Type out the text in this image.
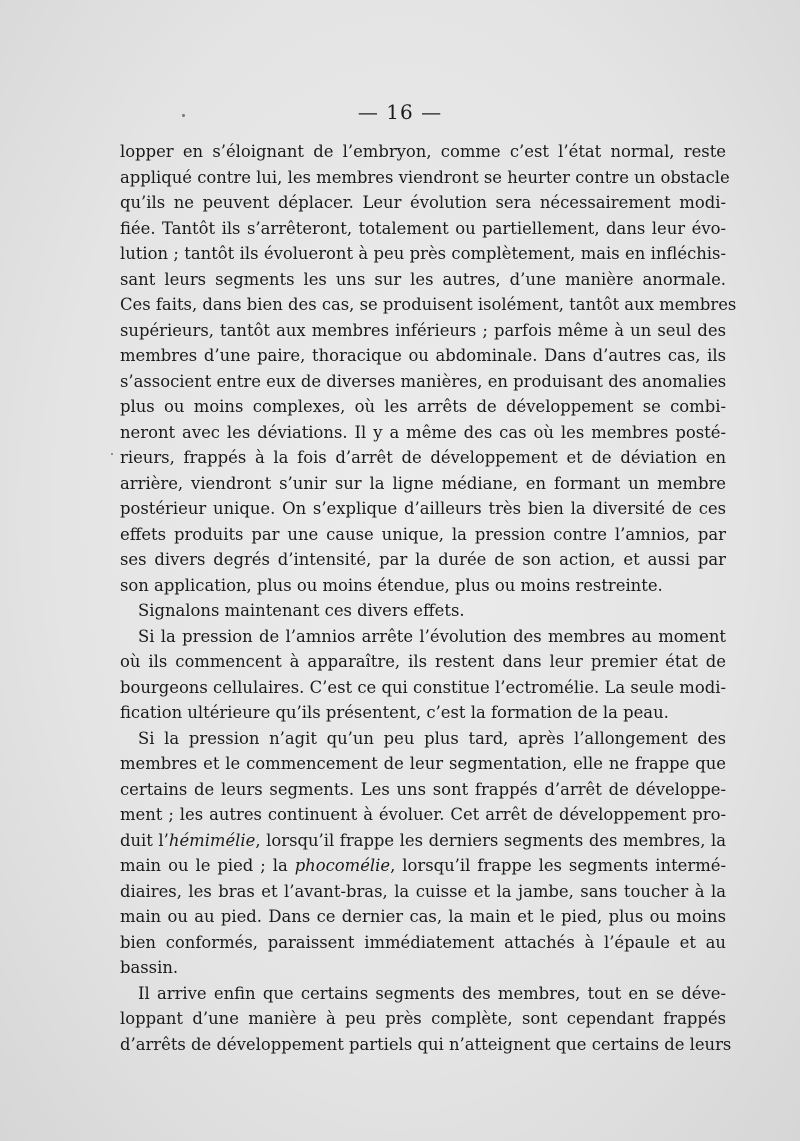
— 16 —
lopper en s’éloignant de l’embryon, comme c’est l’état normal, reste
appliqué contre lui, les membres viendront se heurter contre un obstacle
qu’ils ne peuvent déplacer. Leur évolution sera nécessairement modi-
fiée. Tantôt ils s’arrêteront, totalement ou partiellement, dans leur évo-
lution ; tantôt ils évolueront à peu près complètement, mais en infléchis-
sant leurs segments les uns sur les autres, d’une manière anormale.
Ces faits, dans bien des cas, se produisent isolément, tantôt aux membres
supérieurs, tantôt aux membres inférieurs ; parfois même à un seul des
membres d’une paire, thoracique ou abdominale. Dans d’autres cas, ils
s’associent entre eux de diverses manières, en produisant des anomalies
plus ou moins complexes, où les arrêts de développement se combi-
neront avec les déviations. Il y a même des cas où les membres posté-
rieurs, frappés à la fois d’arrêt de développement et de déviation en
arrière, viendront s’unir sur la ligne médiane, en formant un membre
postérieur unique. On s’explique d’ailleurs très bien la diversité de ces
effets produits par une cause unique, la pression contre l’amnios, par
ses divers degrés d’intensité, par la durée de son action, et aussi par
son application, plus ou moins étendue, plus ou moins restreinte.
Signalons maintenant ces divers effets.
Si la pression de l’amnios arrête l’évolution des membres au moment
où ils commencent à apparaître, ils restent dans leur premier état de
bourgeons cellulaires. C’est ce qui constitue l’ectromélie. La seule modi-
fication ultérieure qu’ils présentent, c’est la formation de la peau.
Si la pression n’agit qu’un peu plus tard, après l’allongement des
membres et le commencement de leur segmentation, elle ne frappe que
certains de leurs segments. Les uns sont frappés d’arrêt de développe-
ment ; les autres continuent à évoluer. Cet arrêt de développement pro-
duit l’hémimélie, lorsqu’il frappe les derniers segments des membres, la
main ou le pied ; la phocomélie, lorsqu’il frappe les segments intermé-
diaires, les bras et l’avant-bras, la cuisse et la jambe, sans toucher à la
main ou au pied. Dans ce dernier cas, la main et le pied, plus ou moins
bien conformés, paraissent immédiatement attachés à l’épaule et au
bassin.
Il arrive enfin que certains segments des membres, tout en se déve-
loppant d’une manière à peu près complète, sont cependant frappés
d’arrêts de développement partiels qui n’atteignent que certains de leurs
